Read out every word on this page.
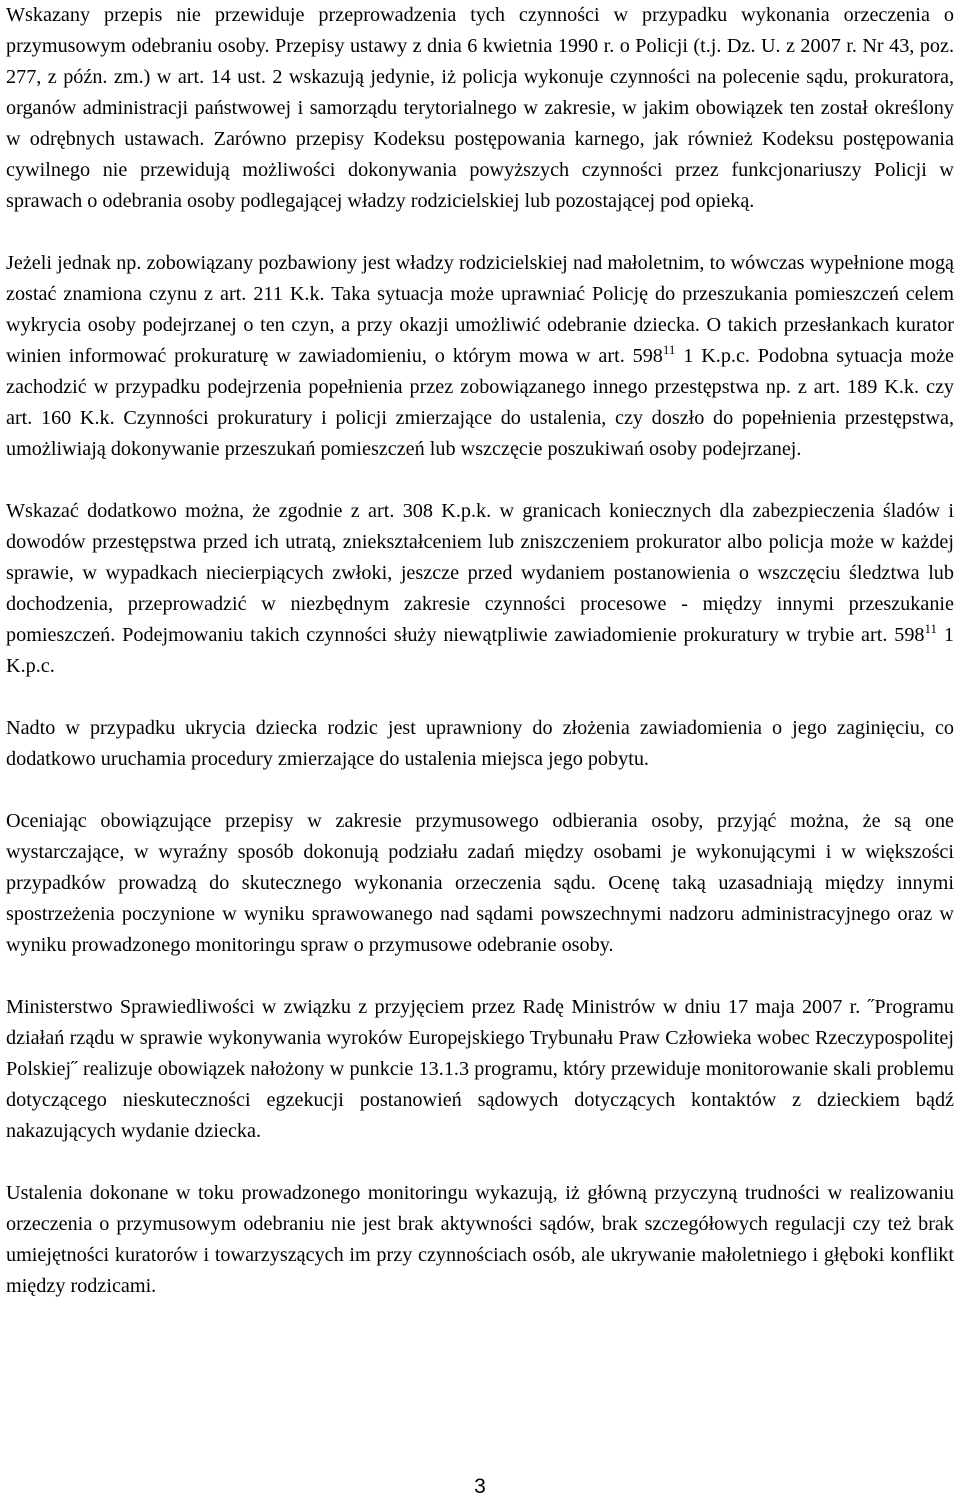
Wskazany przepis nie przewiduje przeprowadzenia tych czynności w przypadku wykonania orzeczenia o przymusowym odebraniu osoby. Przepisy ustawy z dnia 6 kwietnia 1990 r. o Policji (t.j. Dz. U. z 2007 r. Nr 43, poz. 277, z późn. zm.) w art. 14 ust. 2 wskazują jedynie, iż policja wykonuje czynności na polecenie sądu, prokuratora, organów administracji państwowej i samorządu terytorialnego w zakresie, w jakim obowiązek ten został określony w odrębnych ustawach. Zarówno przepisy Kodeksu postępowania karnego, jak również Kodeksu postępowania cywilnego nie przewidują możliwości dokonywania powyższych czynności przez funkcjonariuszy Policji w sprawach o odebrania osoby podlegającej władzy rodzicielskiej lub pozostającej pod opieką.

Jeżeli jednak np. zobowiązany pozbawiony jest władzy rodzicielskiej nad małoletnim, to wówczas wypełnione mogą zostać znamiona czynu z art. 211 K.k. Taka sytuacja może uprawniać Policję do przeszukania pomieszczeń celem wykrycia osoby podejrzanej o ten czyn, a przy okazji umożliwić odebranie dziecka. O takich przesłankach kurator winien informować prokuraturę w zawiadomieniu, o którym mowa w art. $598^{11}$ 1 K.p.c. Podobna sytuacja może zachodzić w przypadku podejrzenia popełnienia przez zobowiązanego innego przestępstwa np. z art. 189 K.k. czy art. 160 K.k. Czynności prokuratury i policji zmierzające do ustalenia, czy doszło do popełnienia przestępstwa, umożliwiają dokonywanie przeszukań pomieszczeń lub wszczęcie poszukiwań osoby podejrzanej.

Wskazać dodatkowo można, że zgodnie z art. 308 K.p.k. w granicach koniecznych dla zabezpieczenia śladów i dowodów przestępstwa przed ich utratą, zniekształceniem lub zniszczeniem prokurator albo policja może w każdej sprawie, w wypadkach niecierpiących zwłoki, jeszcze przed wydaniem postanowienia o wszczęciu śledztwa lub dochodzenia, przeprowadzić w niezbędnym zakresie czynności procesowe - między innymi przeszukanie pomieszczeń. Podejmowaniu takich czynności służy niewątpliwie zawiadomienie prokuratury w trybie art. $598^{11}$ 1 K.p.c.

Nadto w przypadku ukrycia dziecka rodzic jest uprawniony do złożenia zawiadomienia o jego zaginięciu, co dodatkowo uruchamia procedury zmierzające do ustalenia miejsca jego pobytu.

Oceniając obowiązujące przepisy w zakresie przymusowego odbierania osoby, przyjąć można, że są one wystarczające, w wyraźny sposób dokonują podziału zadań między osobami je wykonującymi i w większości przypadków prowadzą do skutecznego wykonania orzeczenia sądu. Ocenę taką uzasadniają między innymi spostrzeżenia poczynione w wyniku sprawowanego nad sądami powszechnymi nadzoru administracyjnego oraz w wyniku prowadzonego monitoringu spraw o przymusowe odebranie osoby.

Ministerstwo Sprawiedliwości w związku z przyjęciem przez Radę Ministrów w dniu 17 maja 2007 r. ˝Programu działań rządu w sprawie wykonywania wyroków Europejskiego Trybunału Praw Człowieka wobec Rzeczypospolitej Polskiej˝ realizuje obowiązek nałożony w punkcie 13.1.3 programu, który przewiduje monitorowanie skali problemu dotyczącego nieskuteczności egzekucji postanowień sądowych dotyczących kontaktów z dzieckiem bądź nakazujących wydanie dziecka.

Ustalenia dokonane w toku prowadzonego monitoringu wykazują, iż główną przyczyną trudności w realizowaniu orzeczenia o przymusowym odebraniu nie jest brak aktywności sądów, brak szczegółowych regulacji czy też brak umiejętności kuratorów i towarzyszących im przy czynnościach osób, ale ukrywanie małoletniego i głęboki konflikt między rodzicami.

3
